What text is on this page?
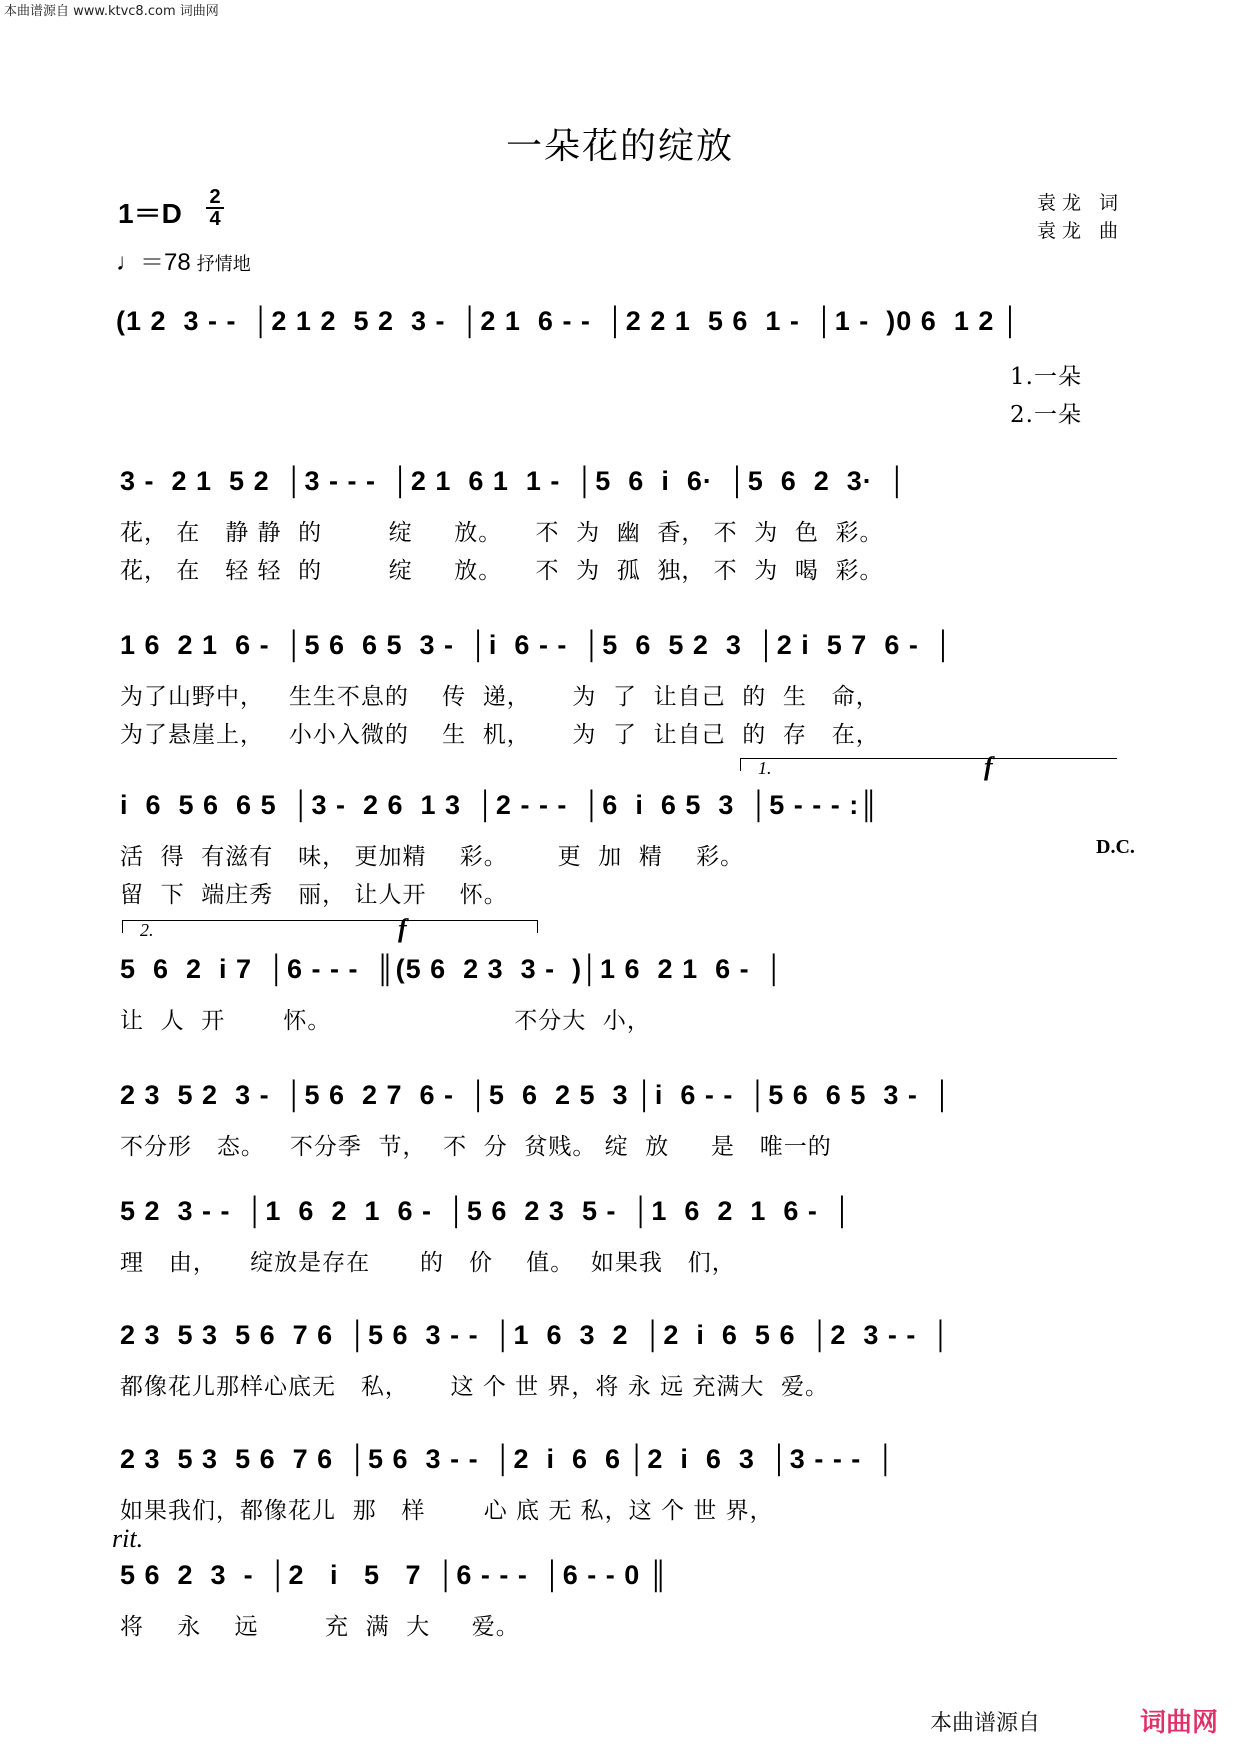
本曲谱源自 www.ktvc8.com 词曲网
一朵花的绽放
1＝D
2
4
♩＝78 抒情地
袁龙 词
袁龙 曲
(1 2  3 - -  │2 1 2  5 2  3 -  │2 1  6 - -  │2 2 1  5 6  1 -  │1 -  )0 6  1 2 │
1.一朵
2.一朵
3 -  2 1  5 2  │3 - - -  │2 1  6 1  1 -  │5  6  i  6·  │5  6  2  3·  │
花， 在   静 静  的        绽     放。    不  为  幽  香， 不  为  色  彩。
花， 在   轻 轻  的        绽     放。    不  为  孤  独， 不  为  喝  彩。
1 6  2 1  6 -  │5 6  6 5  3 -  │i  6 - -  │5  6  5 2  3  │2 i  5 7  6 -  │
为了山野中，   生生不息的    传  递，     为  了  让自己  的  生   命，
为了悬崖上，   小小入微的    生  机，     为  了  让自己  的  存   在，
1.	f
i  6  5 6  6 5  │3 -  2 6  1 3  │2 - - -  │6  i  6 5  3  │5 - - - :║
活  得  有滋有   味， 更加精    彩。      更  加  精    彩。
留  下  端庄秀   丽， 让人开    怀。
D.C.
2.	f
5  6  2  i 7  │6 - - -  ║(5 6  2 3  3 -  )│1 6  2 1  6 -  │
让  人  开       怀。                      不分大  小，
2 3  5 2  3 -  │5 6  2 7  6 -  │5  6  2 5  3 │i  6 - -  │5 6  6 5  3 -  │
不分形   态。   不分季  节，  不  分  贫贱。 绽  放     是   唯一的
5 2  3 - -  │1  6  2  1  6 -  │5 6  2 3  5 -  │1  6  2  1  6 -  │
理   由，    绽放是存在      的   价    值。  如果我   们，
2 3  5 3  5 6  7 6  │5 6  3 - -  │1  6  3  2  │2  i  6  5 6  │2  3 - -  │
都像花儿那样心底无   私，     这 个 世 界，将 永 远 充满大  爱。
2 3  5 3  5 6  7 6  │5 6  3 - -  │2  i  6  6 │2  i  6  3  │3 - - -  │
如果我们，都像花儿  那   样       心 底 无 私，这 个 世 界，
rit.
5 6  2  3  -  │2   i   5   7  │6 - - -  │6 - - 0 ║
将    永    远        充  满  大     爱。
本曲谱源自	词曲网
